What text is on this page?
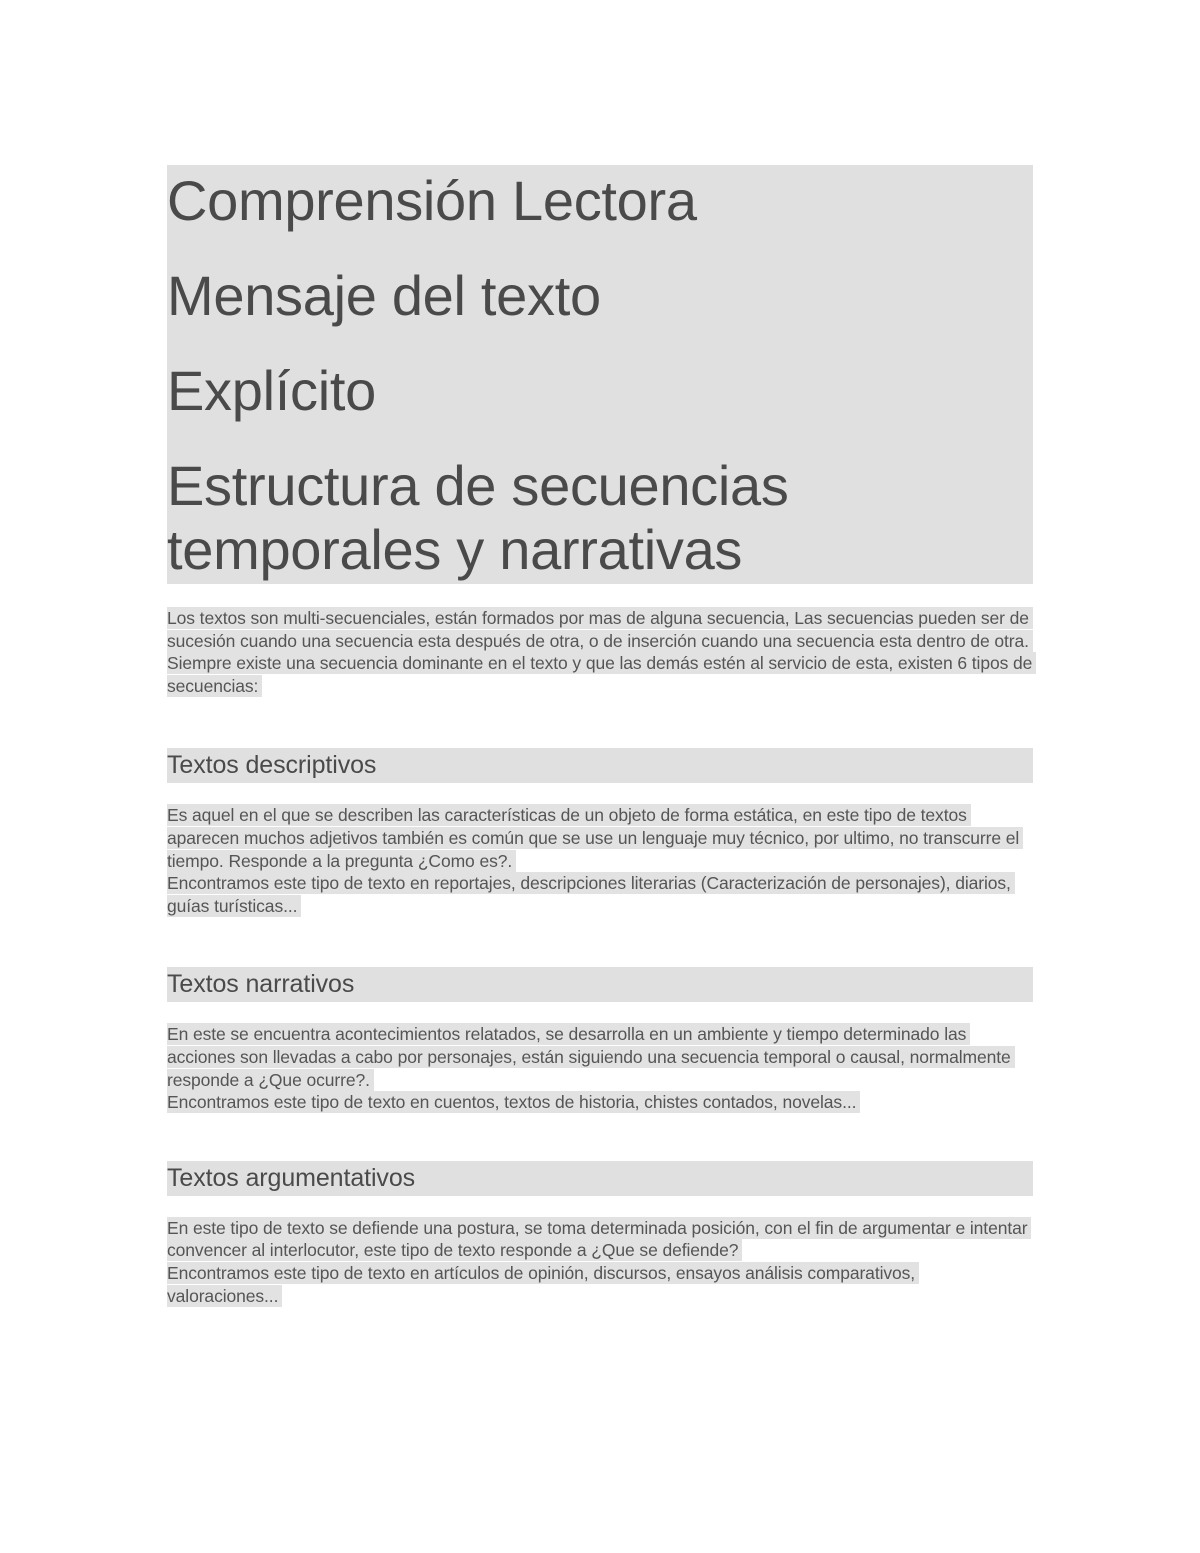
Comprensión Lectora
Mensaje del texto
Explícito
Estructura de secuencias temporales y narrativas

Los textos son multi-secuenciales, están formados por mas de alguna secuencia, Las secuencias pueden ser de sucesión cuando una secuencia esta después de otra, o de inserción cuando una secuencia esta dentro de otra. Siempre existe una secuencia dominante en el texto y que las demás estén al servicio de esta, existen 6 tipos de secuencias:

Textos descriptivos

Es aquel en el que se describen las características de un objeto de forma estática, en este tipo de textos aparecen muchos adjetivos también es común que se use un lenguaje muy técnico, por ultimo, no transcurre el tiempo. Responde a la pregunta ¿Como es?.
Encontramos este tipo de texto en reportajes, descripciones literarias (Caracterización de personajes), diarios, guías turísticas...

Textos narrativos

En este se encuentra acontecimientos relatados, se desarrolla en un ambiente y tiempo determinado las acciones son llevadas a cabo por personajes, están siguiendo una secuencia temporal o causal, normalmente responde a ¿Que ocurre?.
Encontramos este tipo de texto en cuentos, textos de historia, chistes contados, novelas...

Textos argumentativos

En este tipo de texto se defiende una postura, se toma determinada posición, con el fin de argumentar e intentar convencer al interlocutor, este tipo de texto responde a ¿Que se defiende?
Encontramos este tipo de texto en artículos de opinión, discursos, ensayos análisis comparativos, valoraciones...
